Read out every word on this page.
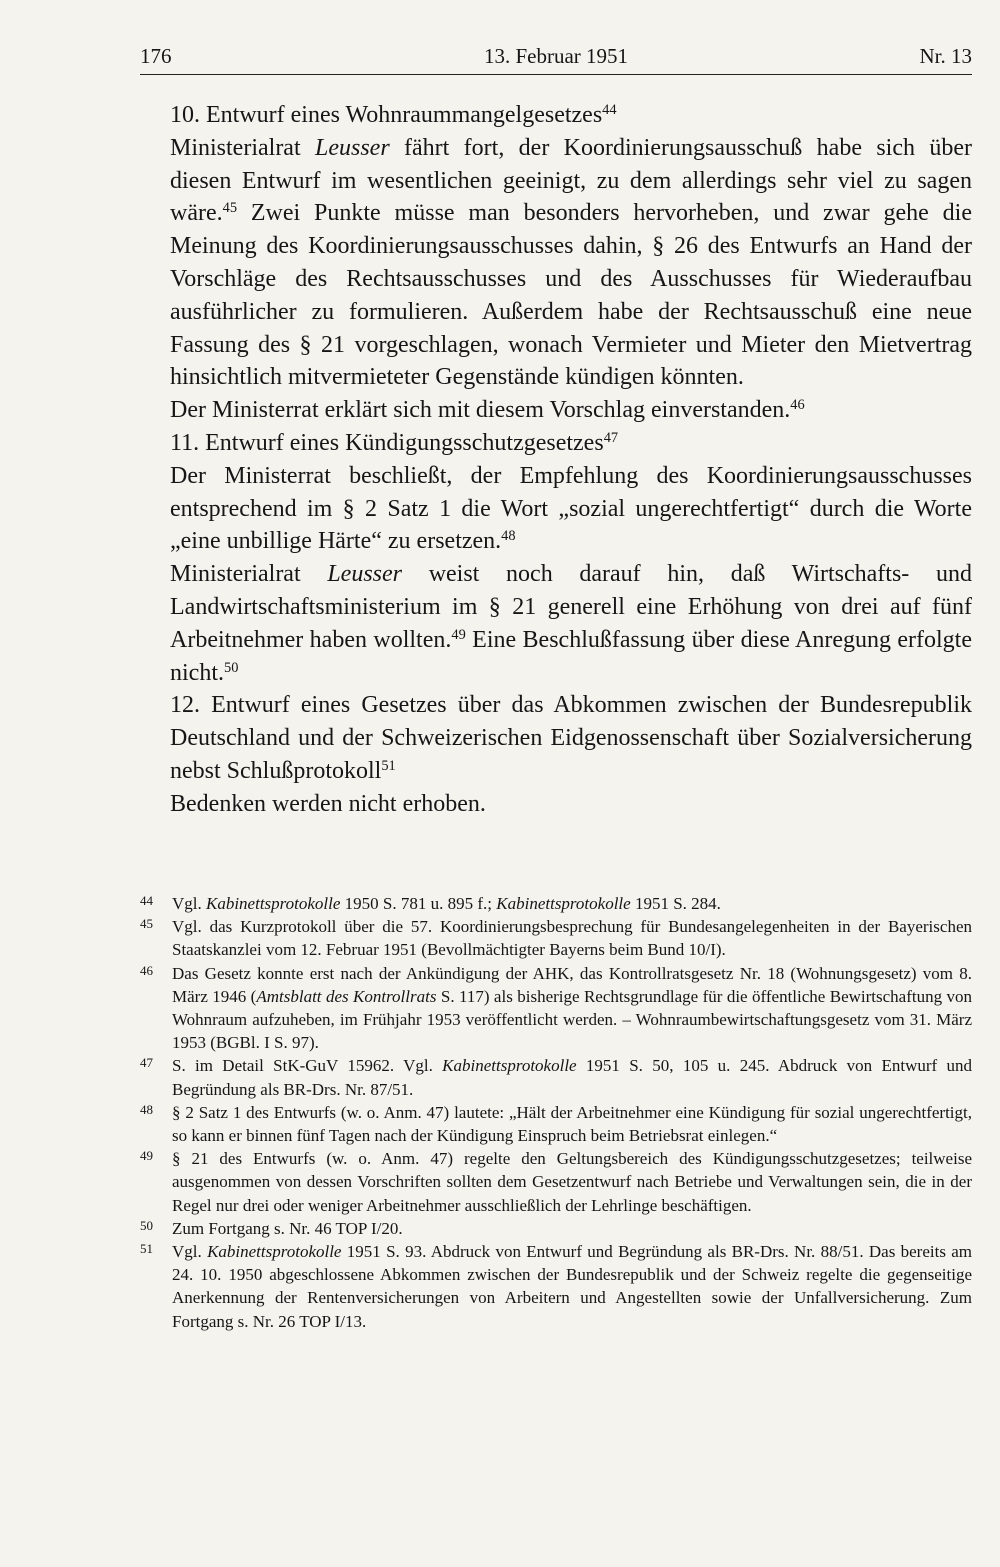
176	13. Februar 1951	Nr. 13

10. Entwurf eines Wohnraummangelgesetzes$^{44}$

Ministerialrat Leusser fährt fort, der Koordinierungsausschuß habe sich über diesen Entwurf im wesentlichen geeinigt, zu dem allerdings sehr viel zu sagen wäre.$^{45}$ Zwei Punkte müsse man besonders hervorheben, und zwar gehe die Meinung des Koordinierungsausschusses dahin, § 26 des Entwurfs an Hand der Vorschläge des Rechtsausschusses und des Ausschusses für Wiederaufbau ausführlicher zu formulieren. Außerdem habe der Rechtsausschuß eine neue Fassung des § 21 vorgeschlagen, wonach Vermieter und Mieter den Mietvertrag hinsichtlich mitvermieteter Gegenstände kündigen könnten.

Der Ministerrat erklärt sich mit diesem Vorschlag einverstanden.$^{46}$

11. Entwurf eines Kündigungsschutzgesetzes$^{47}$

Der Ministerrat beschließt, der Empfehlung des Koordinierungsausschusses entsprechend im § 2 Satz 1 die Wort „sozial ungerechtfertigt“ durch die Worte „eine unbillige Härte“ zu ersetzen.$^{48}$

Ministerialrat Leusser weist noch darauf hin, daß Wirtschafts- und Landwirtschaftsministerium im § 21 generell eine Erhöhung von drei auf fünf Arbeitnehmer haben wollten.$^{49}$ Eine Beschlußfassung über diese Anregung erfolgte nicht.$^{50}$

12. Entwurf eines Gesetzes über das Abkommen zwischen der Bundesrepublik Deutschland und der Schweizerischen Eidgenossenschaft über Sozialversicherung nebst Schlußprotokoll$^{51}$

Bedenken werden nicht erhoben.

44 Vgl. Kabinettsprotokolle 1950 S. 781 u. 895 f.; Kabinettsprotokolle 1951 S. 284.
45 Vgl. das Kurzprotokoll über die 57. Koordinierungsbesprechung für Bundesangelegenheiten in der Bayerischen Staatskanzlei vom 12. Februar 1951 (Bevollmächtigter Bayerns beim Bund 10/I).
46 Das Gesetz konnte erst nach der Ankündigung der AHK, das Kontrollratsgesetz Nr. 18 (Wohnungsgesetz) vom 8. März 1946 (Amtsblatt des Kontrollrats S. 117) als bisherige Rechtsgrundlage für die öffentliche Bewirtschaftung von Wohnraum aufzuheben, im Frühjahr 1953 veröffentlicht werden. – Wohnraumbewirtschaftungsgesetz vom 31. März 1953 (BGBl. I S. 97).
47 S. im Detail StK-GuV 15962. Vgl. Kabinettsprotokolle 1951 S. 50, 105 u. 245. Abdruck von Entwurf und Begründung als BR-Drs. Nr. 87/51.
48 § 2 Satz 1 des Entwurfs (w. o. Anm. 47) lautete: „Hält der Arbeitnehmer eine Kündigung für sozial ungerechtfertigt, so kann er binnen fünf Tagen nach der Kündigung Einspruch beim Betriebsrat einlegen.“
49 § 21 des Entwurfs (w. o. Anm. 47) regelte den Geltungsbereich des Kündigungsschutzgesetzes; teilweise ausgenommen von dessen Vorschriften sollten dem Gesetzentwurf nach Betriebe und Verwaltungen sein, die in der Regel nur drei oder weniger Arbeitnehmer ausschließlich der Lehrlinge beschäftigen.
50 Zum Fortgang s. Nr. 46 TOP I/20.
51 Vgl. Kabinettsprotokolle 1951 S. 93. Abdruck von Entwurf und Begründung als BR-Drs. Nr. 88/51. Das bereits am 24. 10. 1950 abgeschlossene Abkommen zwischen der Bundesrepublik und der Schweiz regelte die gegenseitige Anerkennung der Rentenversicherungen von Arbeitern und Angestellten sowie der Unfallversicherung. Zum Fortgang s. Nr. 26 TOP I/13.
